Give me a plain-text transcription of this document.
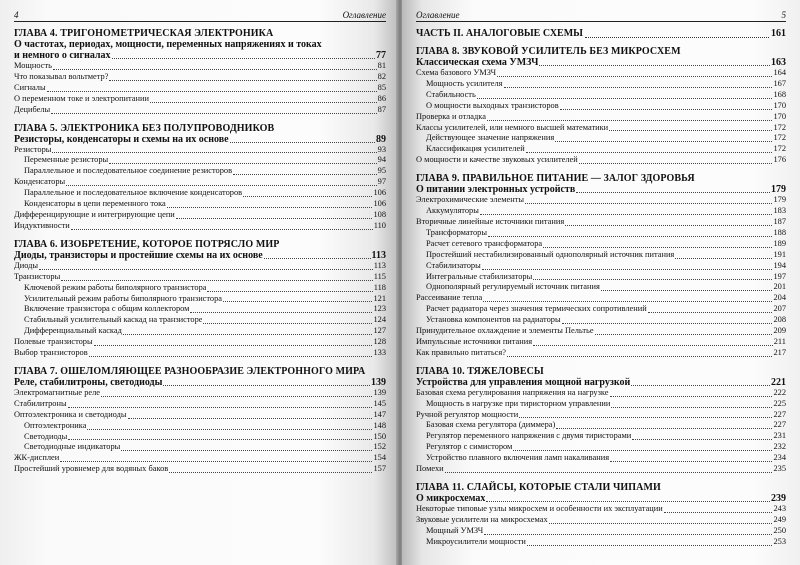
4	Оглавление
ГЛАВА 4. ТРИГОНОМЕТРИЧЕСКАЯ ЭЛЕКТРОНИКА
О частотах, периодах, мощности, переменных напряжениях и токах
и немного о сигналах	77
Мощность	81
Что показывал вольтметр?	82
Сигналы	85
О переменном токе и электропитании	86
Децибелы	87
ГЛАВА 5. ЭЛЕКТРОНИКА БЕЗ ПОЛУПРОВОДНИКОВ
Резисторы, конденсаторы и схемы на их основе	89
Резисторы	93
Переменные резисторы	94
Параллельное и последовательное соединение резисторов	95
Конденсаторы	97
Параллельное и последовательное включение конденсаторов	106
Конденсаторы в цепи переменного тока	106
Дифференцирующие и интегрирующие цепи	108
Индуктивности	110
ГЛАВА 6. ИЗОБРЕТЕНИЕ, КОТОРОЕ ПОТРЯСЛО МИР
Диоды, транзисторы и простейшие схемы на их основе	113
Диоды	113
Транзисторы	115
Ключевой режим работы биполярного транзистора	118
Усилительный режим работы биполярного транзистора	121
Включение транзистора с общим коллектором	123
Стабильный усилительный каскад на транзисторе	124
Дифференциальный каскад	127
Полевые транзисторы	128
Выбор транзисторов	133
ГЛАВА 7. ОШЕЛОМЛЯЮЩЕЕ РАЗНООБРАЗИЕ ЭЛЕКТРОННОГО МИРА
Реле, стабилитроны, светодиоды	139
Электромагнитные реле	139
Стабилитроны	145
Оптоэлектроника и светодиоды	147
Оптоэлектроника	148
Светодиоды	150
Светодиодные индикаторы	152
ЖК-дисплеи	154
Простейший уровнемер для водяных баков	157
Оглавление	5
ЧАСТЬ II. АНАЛОГОВЫЕ СХЕМЫ	161
ГЛАВА 8. ЗВУКОВОЙ УСИЛИТЕЛЬ БЕЗ МИКРОСХЕМ
Классическая схема УМЗЧ	163
Схема базового УМЗЧ	164
Мощность усилителя	167
Стабильность	168
О мощности выходных транзисторов	170
Проверка и отладка	170
Классы усилителей, или немного высшей математики	172
Действующее значение напряжения	172
Классификация усилителей	172
О мощности и качестве звуковых усилителей	176
ГЛАВА 9. ПРАВИЛЬНОЕ ПИТАНИЕ — ЗАЛОГ ЗДОРОВЬЯ
О питании электронных устройств	179
Электрохимические элементы	179
Аккумуляторы	183
Вторичные линейные источники питания	187
Трансформаторы	188
Расчет сетевого трансформатора	189
Простейший нестабилизированный однополярный источник питания	191
Стабилизаторы	194
Интегральные стабилизаторы	197
Однополярный регулируемый источник питания	201
Рассеивание тепла	204
Расчет радиатора через значения термических сопротивлений	207
Установка компонентов на радиаторы	208
Принудительное охлаждение и элементы Пельтье	209
Импульсные источники питания	211
Как правильно питаться?	217
ГЛАВА 10. ТЯЖЕЛОВЕСЫ
Устройства для управления мощной нагрузкой	221
Базовая схема регулирования напряжения на нагрузке	222
Мощность в нагрузке при тиристорном управлении	225
Ручной регулятор мощности	227
Базовая схема регулятора (диммера)	227
Регулятор переменного напряжения с двумя тиристорами	231
Регулятор с симистором	232
Устройство плавного включения ламп накаливания	234
Помехи	235
ГЛАВА 11. СЛАЙСЫ, КОТОРЫЕ СТАЛИ ЧИПАМИ
О микросхемах	239
Некоторые типовые узлы микросхем и особенности их эксплуатации	243
Звуковые усилители на микросхемах	249
Мощный УМЗЧ	250
Микроусилители мощности	253
